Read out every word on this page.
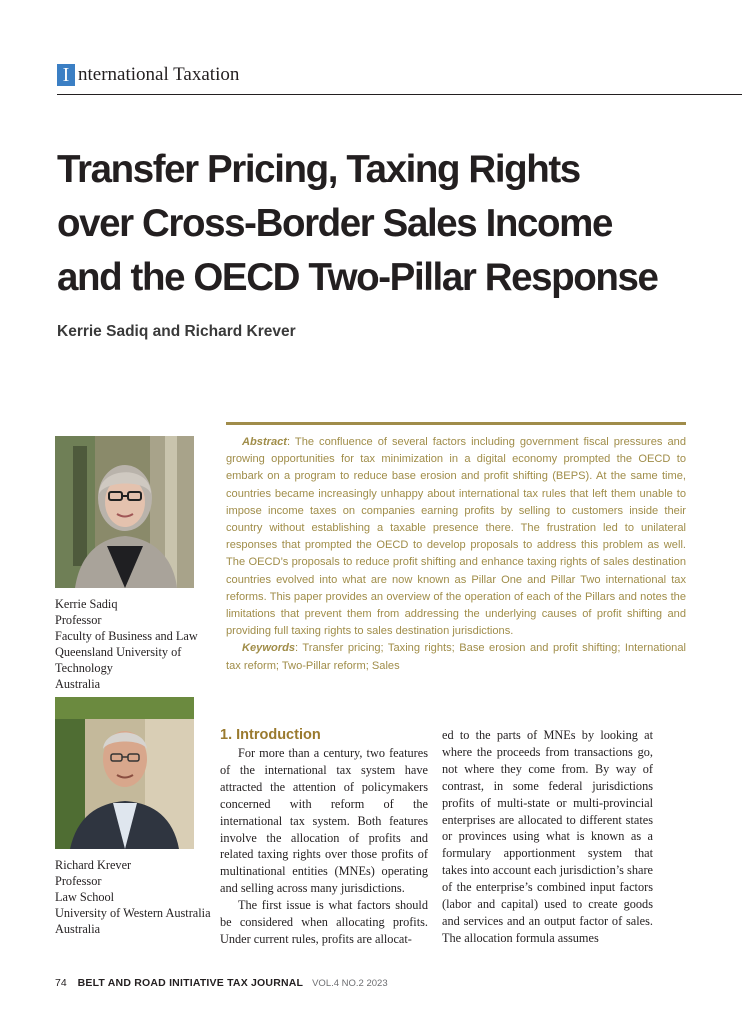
I nternational Taxation
Transfer Pricing, Taxing Rights
over Cross-Border Sales Income
and the OECD Two-Pillar Response
Kerrie Sadiq and Richard Krever

Abstract: The confluence of several factors including government fiscal pressures and growing opportunities for tax minimization in a digital economy prompted the OECD to embark on a program to reduce base erosion and profit shifting (BEPS). At the same time, countries became increasingly unhappy about international tax rules that left them unable to impose income taxes on companies earning profits by selling to customers inside their country without establishing a taxable presence there. The frustration led to unilateral responses that prompted the OECD to develop proposals to address this problem as well. The OECD’s proposals to reduce profit shifting and enhance taxing rights of sales destination countries evolved into what are now known as Pillar One and Pillar Two international tax reforms. This paper provides an overview of the operation of each of the Pillars and notes the limitations that prevent them from addressing the underlying causes of profit shifting and providing full taxing rights to sales destination jurisdictions.

Keywords: Transfer pricing; Taxing rights; Base erosion and profit shifting; International tax reform; Two-Pillar reform; Sales

Kerrie Sadiq
Professor
Faculty of Business and Law
Queensland University of Technology
Australia
Richard Krever
Professor
Law School
University of Western Australia
Australia
1. Introduction

For more than a century, two features of the international tax system have attracted the attention of policymakers concerned with reform of the international tax system. Both features involve the allocation of profits and related taxing rights over those profits of multinational entities (MNEs) operating and selling across many jurisdictions.

The first issue is what factors should be considered when allocating profits. Under current rules, profits are allocat-

ed to the parts of MNEs by looking at where the proceeds from transactions go, not where they come from. By way of contrast, in some federal jurisdictions profits of multi-state or multi-provincial enterprises are allocated to different states or provinces using what is known as a formulary apportionment system that takes into account each jurisdiction’s share of the enterprise’s combined input factors (labor and capital) used to create goods and services and an output factor of sales. The allocation formula assumes

74 BELT AND ROAD INITIATIVE TAX JOURNAL VOL.4 NO.2 2023
